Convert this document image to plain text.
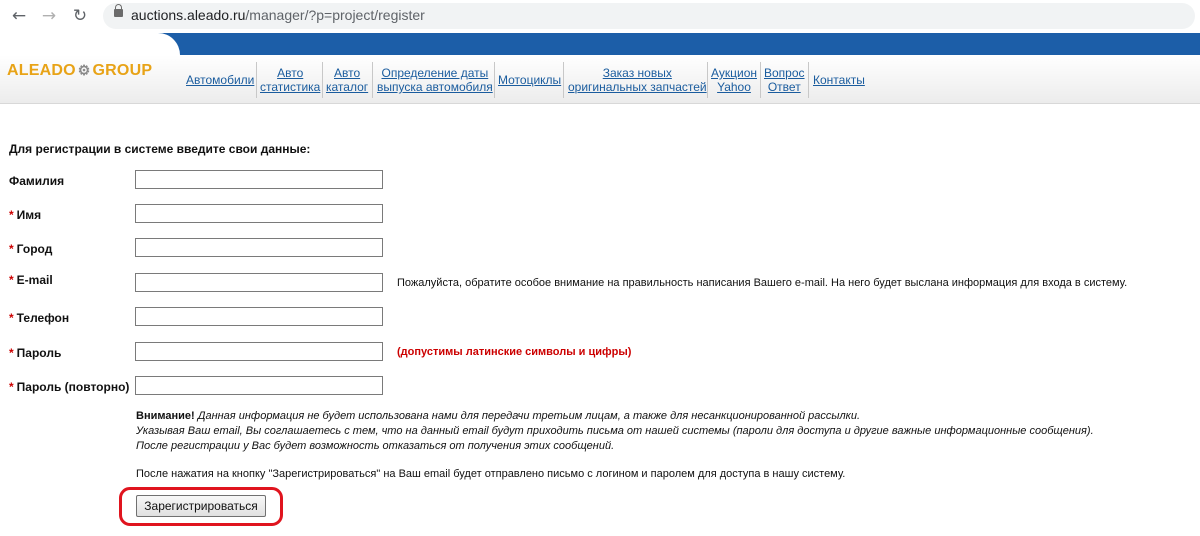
← → ↻	auctions.aleado.ru/manager/?p=project/register
ALEADO ⚙ GROUP
Автомобили	Авто
статистика
Авто
каталог
Определение даты
выпуска автомобиля Мотоциклы	Заказ новых
оригинальных запчастей
Аукцион
Yahoo
Вопрос
Ответ	Контакты
Для регистрации в системе введите свои данные:
Фамилия
* Имя
* Город
* E-mail	Пожалуйста, обратите особое внимание на правильность написания Вашего e-mail. На него будет выслана информация для входа в систему.
* Телефон
* Пароль	(допустимы латинские символы и цифры)
* Пароль (повторно)
Внимание! Данная информация не будет использована нами для передачи третьим лицам, а также для несанкционированной рассылки.
Указывая Ваш email, Вы соглашаетесь с тем, что на данный email будут приходить письма от нашей системы (пароли для доступа и другие важные информационные сообщения).
После регистрации у Вас будет возможность отказаться от получения этих сообщений.
После нажатия на кнопку "Зарегистрироваться" на Ваш email будет отправлено письмо с логином и паролем для доступа в нашу систему.
Зарегистрироваться
